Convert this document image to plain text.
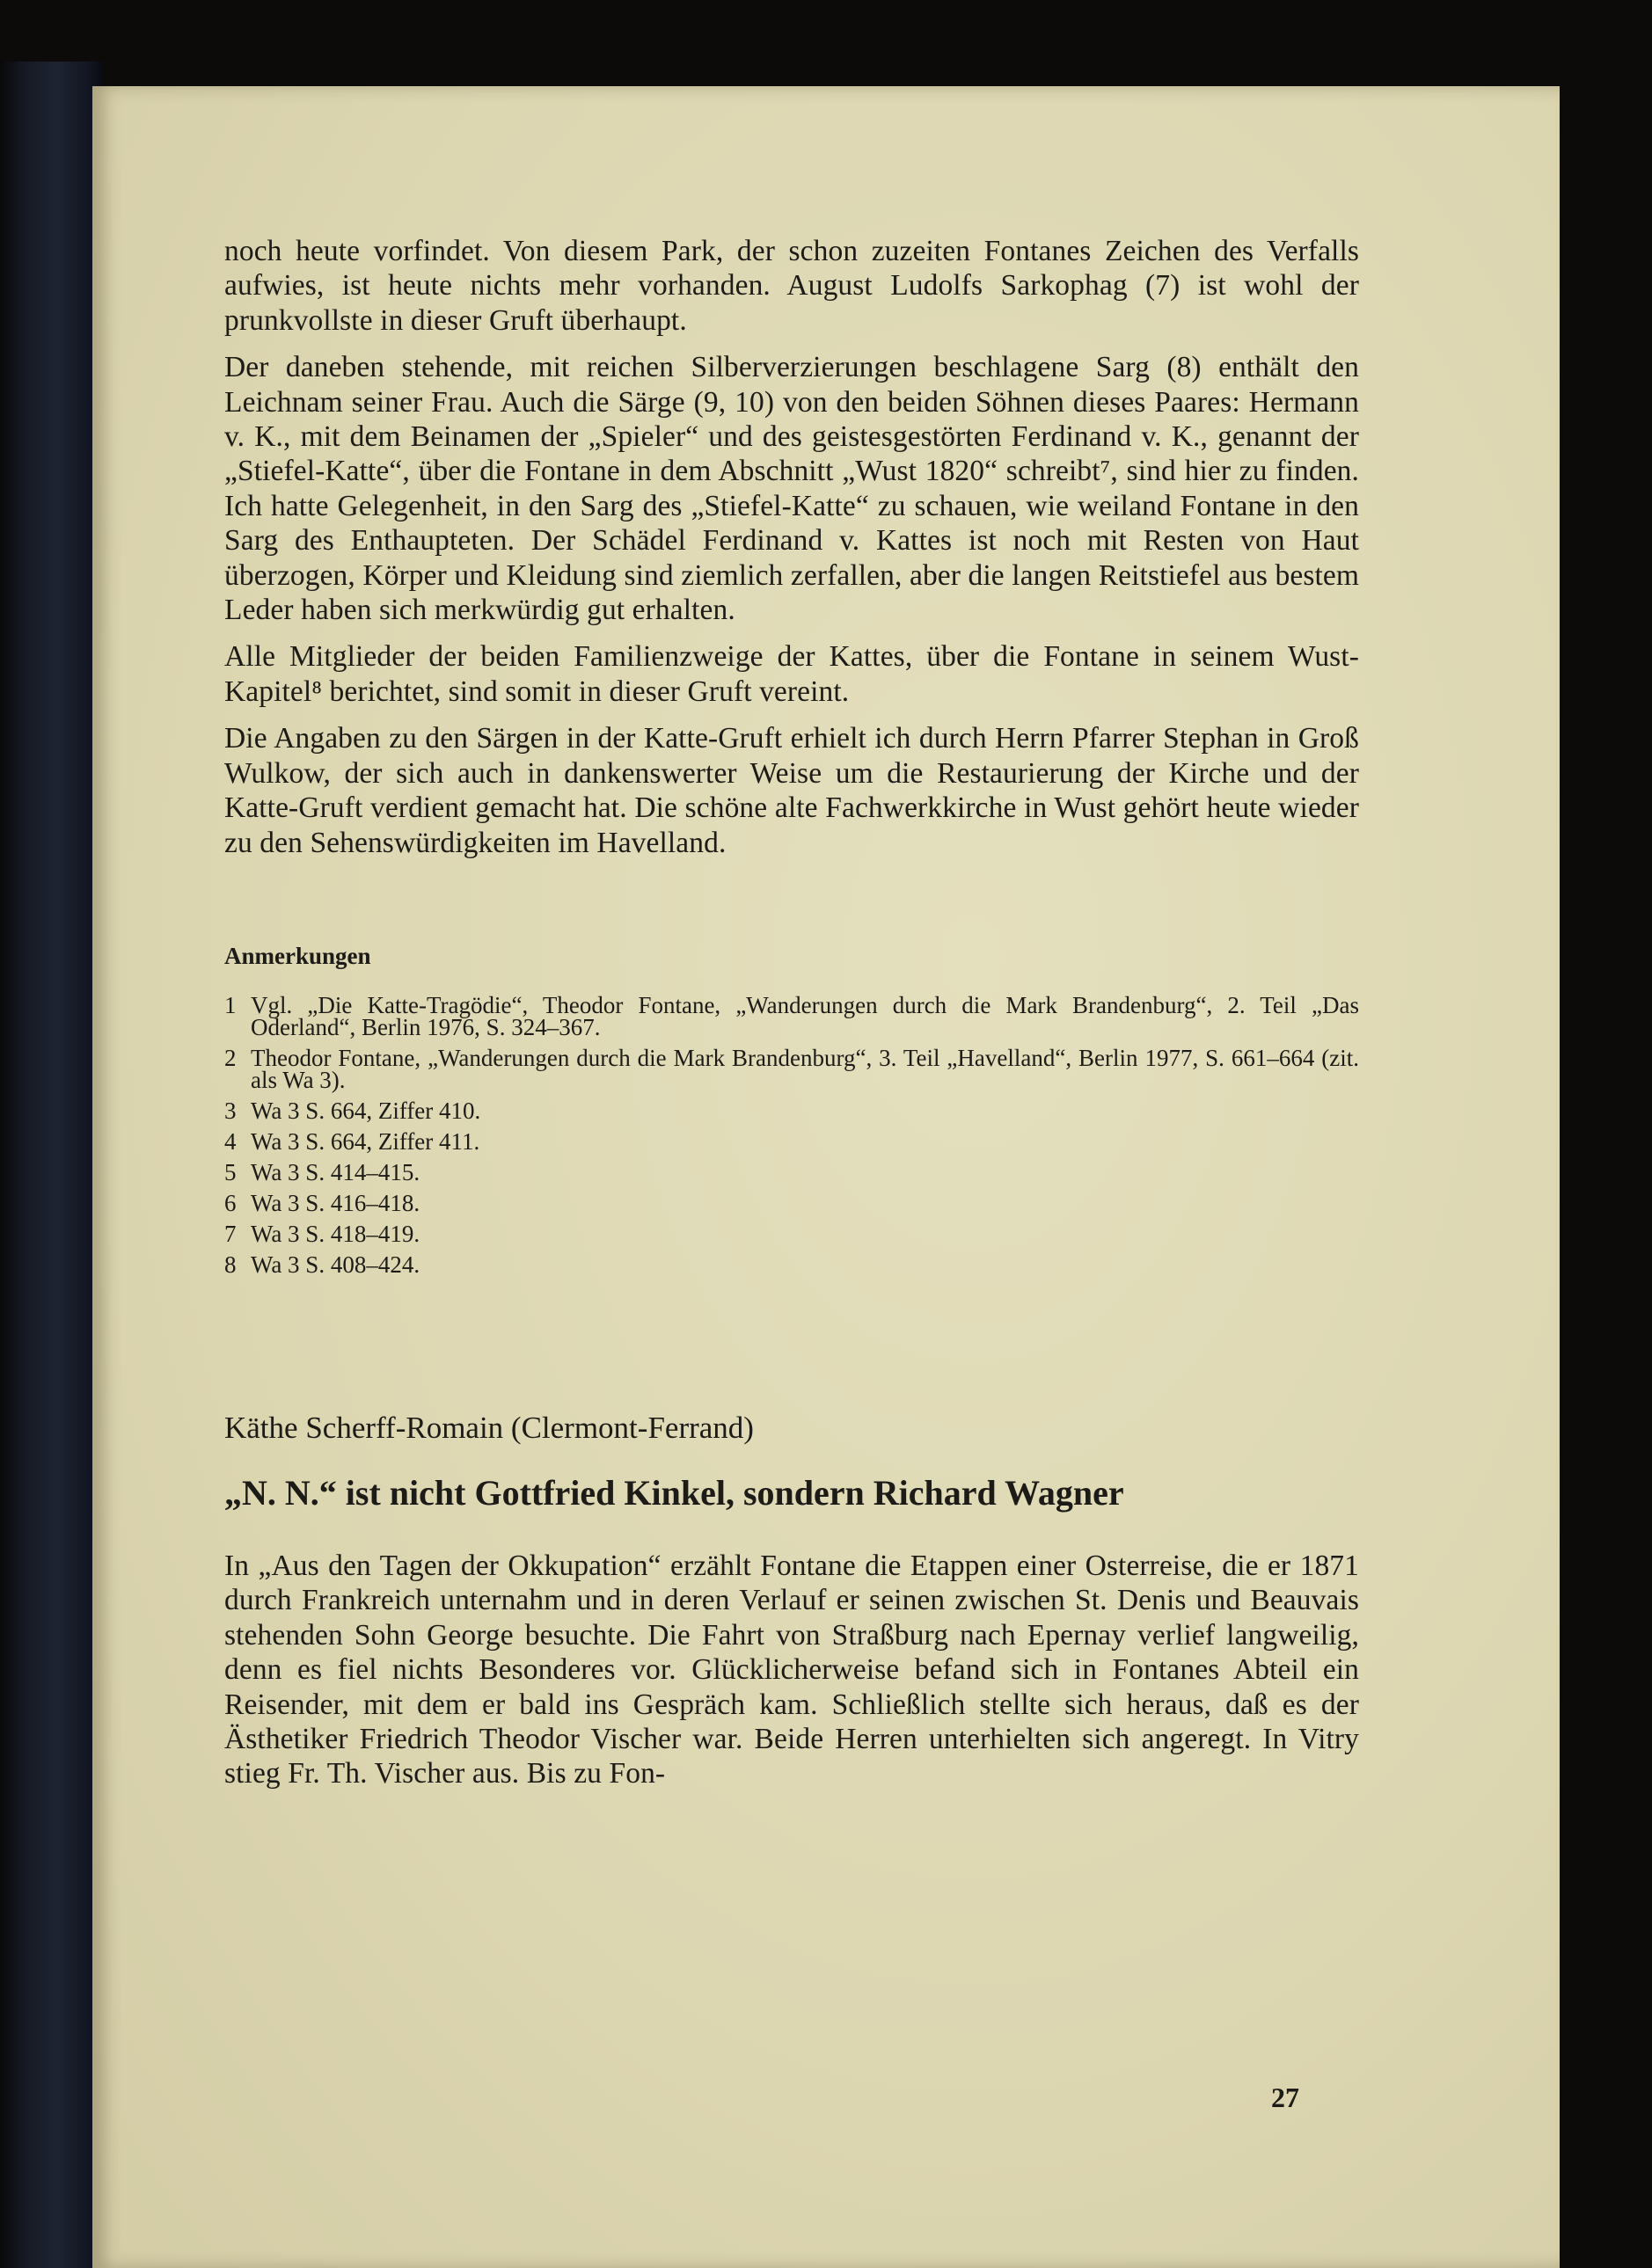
noch heute vorfindet. Von diesem Park, der schon zuzeiten Fontanes Zeichen des Verfalls aufwies, ist heute nichts mehr vorhanden. August Ludolfs Sarkophag (7) ist wohl der prunkvollste in dieser Gruft überhaupt.

Der daneben stehende, mit reichen Silberverzierungen beschlagene Sarg (8) enthält den Leichnam seiner Frau. Auch die Särge (9, 10) von den beiden Söhnen dieses Paares: Hermann v. K., mit dem Beinamen der „Spieler“ und des geistesgestörten Ferdinand v. K., genannt der „Stiefel-Katte“, über die Fontane in dem Abschnitt „Wust 1820“ schreibt⁷, sind hier zu finden. Ich hatte Gelegenheit, in den Sarg des „Stiefel-Katte“ zu schauen, wie weiland Fontane in den Sarg des Enthaupteten. Der Schädel Ferdinand v. Kattes ist noch mit Resten von Haut überzogen, Körper und Kleidung sind ziemlich zerfallen, aber die langen Reitstiefel aus bestem Leder haben sich merkwürdig gut erhalten.

Alle Mitglieder der beiden Familienzweige der Kattes, über die Fontane in seinem Wust-Kapitel⁸ berichtet, sind somit in dieser Gruft vereint.

Die Angaben zu den Särgen in der Katte-Gruft erhielt ich durch Herrn Pfarrer Stephan in Groß Wulkow, der sich auch in dankenswerter Weise um die Restaurierung der Kirche und der Katte-Gruft verdient gemacht hat. Die schöne alte Fachwerkkirche in Wust gehört heute wieder zu den Sehenswürdigkeiten im Havelland.

Anmerkungen
1 Vgl. „Die Katte-Tragödie“, Theodor Fontane, „Wanderungen durch die Mark Brandenburg“, 2. Teil „Das Oderland“, Berlin 1976, S. 324–367.
2 Theodor Fontane, „Wanderungen durch die Mark Brandenburg“, 3. Teil „Havelland“, Berlin 1977, S. 661–664 (zit. als Wa 3).
3 Wa 3 S. 664, Ziffer 410.
4 Wa 3 S. 664, Ziffer 411.
5 Wa 3 S. 414–415.
6 Wa 3 S. 416–418.
7 Wa 3 S. 418–419.
8 Wa 3 S. 408–424.
Käthe Scherff-Romain (Clermont-Ferrand)
„N. N.“ ist nicht Gottfried Kinkel, sondern Richard Wagner

In „Aus den Tagen der Okkupation“ erzählt Fontane die Etappen einer Osterreise, die er 1871 durch Frankreich unternahm und in deren Verlauf er seinen zwischen St. Denis und Beauvais stehenden Sohn George besuchte. Die Fahrt von Straßburg nach Epernay verlief langweilig, denn es fiel nichts Besonderes vor. Glücklicherweise befand sich in Fontanes Abteil ein Reisender, mit dem er bald ins Gespräch kam. Schließlich stellte sich heraus, daß es der Ästhetiker Friedrich Theodor Vischer war. Beide Herren unterhielten sich angeregt. In Vitry stieg Fr. Th. Vischer aus. Bis zu Fon-

27
